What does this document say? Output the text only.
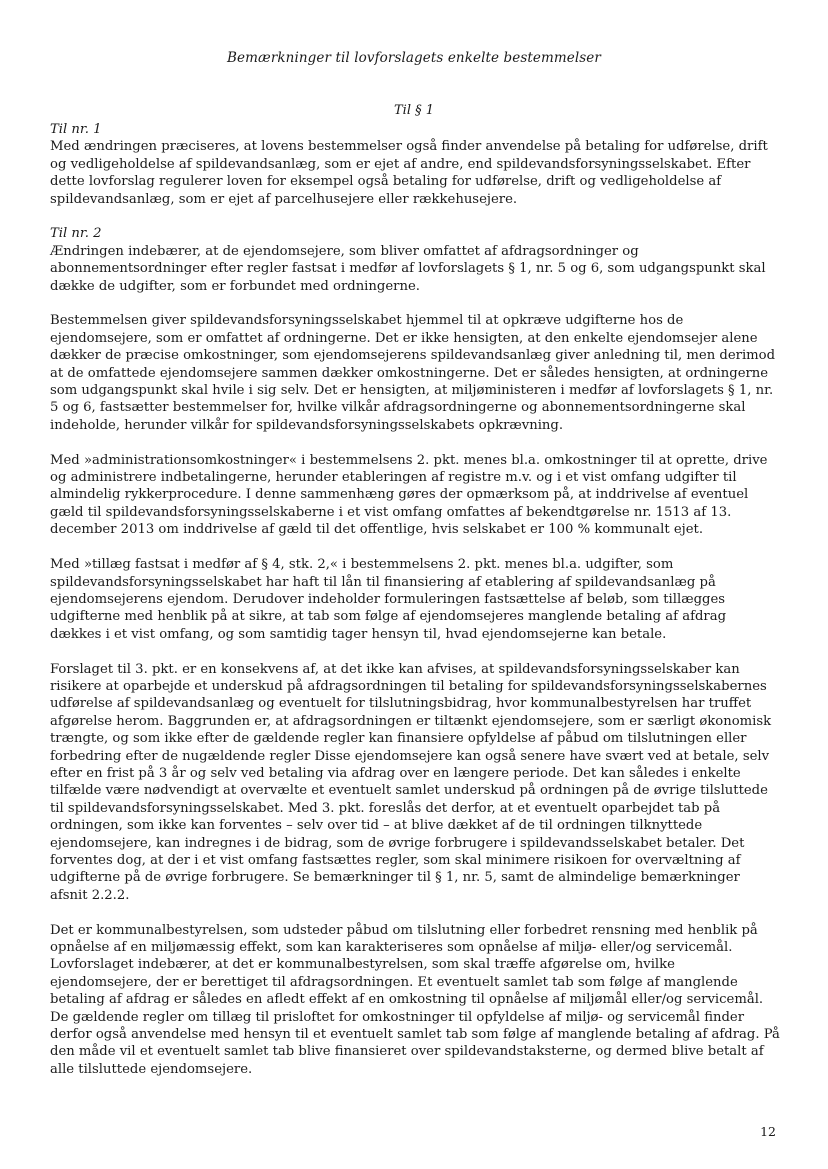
Bemærkninger til lovforslagets enkelte bestemmelser
Til § 1
Til nr. 1
Med ændringen præciseres, at lovens bestemmelser også finder anvendelse på betaling for udførelse, drift og vedligeholdelse af spildevandsanlæg, som er ejet af andre, end spildevandsforsyningsselskabet. Efter dette lovforslag regulerer loven for eksempel også betaling for udførelse, drift og vedligeholdelse af spildevandsanlæg, som er ejet af parcelhusejere eller rækkehusejere.
Til nr. 2
Ændringen indebærer, at de ejendomsejere, som bliver omfattet af afdragsordninger og abonnementsordninger efter regler fastsat i medfør af lovforslagets § 1, nr. 5 og 6, som udgangspunkt skal dække de udgifter, som er forbundet med ordningerne.
Bestemmelsen giver spildevandsforsyningsselskabet hjemmel til at opkræve udgifterne hos de ejendomsejere, som er omfattet af ordningerne. Det er ikke hensigten, at den enkelte ejendomsejer alene dækker de præcise omkostninger, som ejendomsejerens spildevandsanlæg giver anledning til, men derimod at de omfattede ejendomsejere sammen dækker omkostningerne. Det er således hensigten, at ordningerne som udgangspunkt skal hvile i sig selv. Det er hensigten, at miljøministeren i medfør af lovforslagets § 1, nr. 5 og 6, fastsætter bestemmelser for, hvilke vilkår afdragsordningerne og abonnementsordningerne skal indeholde, herunder vilkår for spildevandsforsyningsselskabets opkrævning.
Med »administrationsomkostninger« i bestemmelsens 2. pkt. menes bl.a. omkostninger til at oprette, drive og administrere indbetalingerne, herunder etableringen af registre m.v. og i et vist omfang udgifter til almindelig rykkerprocedure. I denne sammenhæng gøres der opmærksom på, at inddrivelse af eventuel gæld til spildevandsforsyningsselskaberne i et vist omfang omfattes af bekendtgørelse nr. 1513 af 13. december 2013 om inddrivelse af gæld til det offentlige, hvis selskabet er 100 % kommunalt ejet.
Med »tillæg fastsat i medfør af § 4, stk. 2,« i bestemmelsens 2. pkt. menes bl.a. udgifter, som spildevandsforsyningsselskabet har haft til lån til finansiering af etablering af spildevandsanlæg på ejendomsejerens ejendom. Derudover indeholder formuleringen fastsættelse af beløb, som tillægges udgifterne med henblik på at sikre, at tab som følge af ejendomsejeres manglende betaling af afdrag dækkes i et vist omfang, og som samtidig tager hensyn til, hvad ejendomsejerne kan betale.
Forslaget til 3. pkt. er en konsekvens af, at det ikke kan afvises, at spildevandsforsyningsselskaber kan risikere at oparbejde et underskud på afdragsordningen til betaling for spildevandsforsyningsselskabernes udførelse af spildevandsanlæg og eventuelt for tilslutningsbidrag, hvor kommunalbestyrelsen har truffet afgørelse herom. Baggrunden er, at afdragsordningen er tiltænkt ejendomsejere, som er særligt økonomisk trængte, og som ikke efter de gældende regler kan finansiere opfyldelse af påbud om tilslutningen eller forbedring efter de nugældende regler Disse ejendomsejere kan også senere have svært ved at betale, selv efter en frist på 3 år og selv ved betaling via afdrag over en længere periode. Det kan således i enkelte tilfælde være nødvendigt at overvælte et eventuelt samlet underskud på ordningen på de øvrige tilsluttede til spildevandsforsyningsselskabet. Med 3. pkt. foreslås det derfor, at et eventuelt oparbejdet tab på ordningen, som ikke kan forventes – selv over tid – at blive dækket af de til ordningen tilknyttede ejendomsejere, kan indregnes i de bidrag, som de øvrige forbrugere i spildevandsselskabet betaler. Det forventes dog, at der i et vist omfang fastsættes regler, som skal minimere risikoen for overvæltning af udgifterne på de øvrige forbrugere. Se bemærkninger til § 1, nr. 5, samt de almindelige bemærkninger afsnit 2.2.2.
Det er kommunalbestyrelsen, som udsteder påbud om tilslutning eller forbedret rensning med henblik på opnåelse af en miljømæssig effekt, som kan karakteriseres som opnåelse af miljø- eller/og servicemål. Lovforslaget indebærer, at det er kommunalbestyrelsen, som skal træffe afgørelse om, hvilke ejendomsejere, der er berettiget til afdragsordningen. Et eventuelt samlet tab som følge af manglende betaling af afdrag er således en afledt effekt af en omkostning til opnåelse af miljømål eller/og servicemål. De gældende regler om tillæg til prisloftet for omkostninger til opfyldelse af miljø- og servicemål finder derfor også anvendelse med hensyn til et eventuelt samlet tab som følge af manglende betaling af afdrag. På den måde vil et eventuelt samlet tab blive finansieret over spildevandstaksterne, og dermed blive betalt af alle tilsluttede ejendomsejere.
12
